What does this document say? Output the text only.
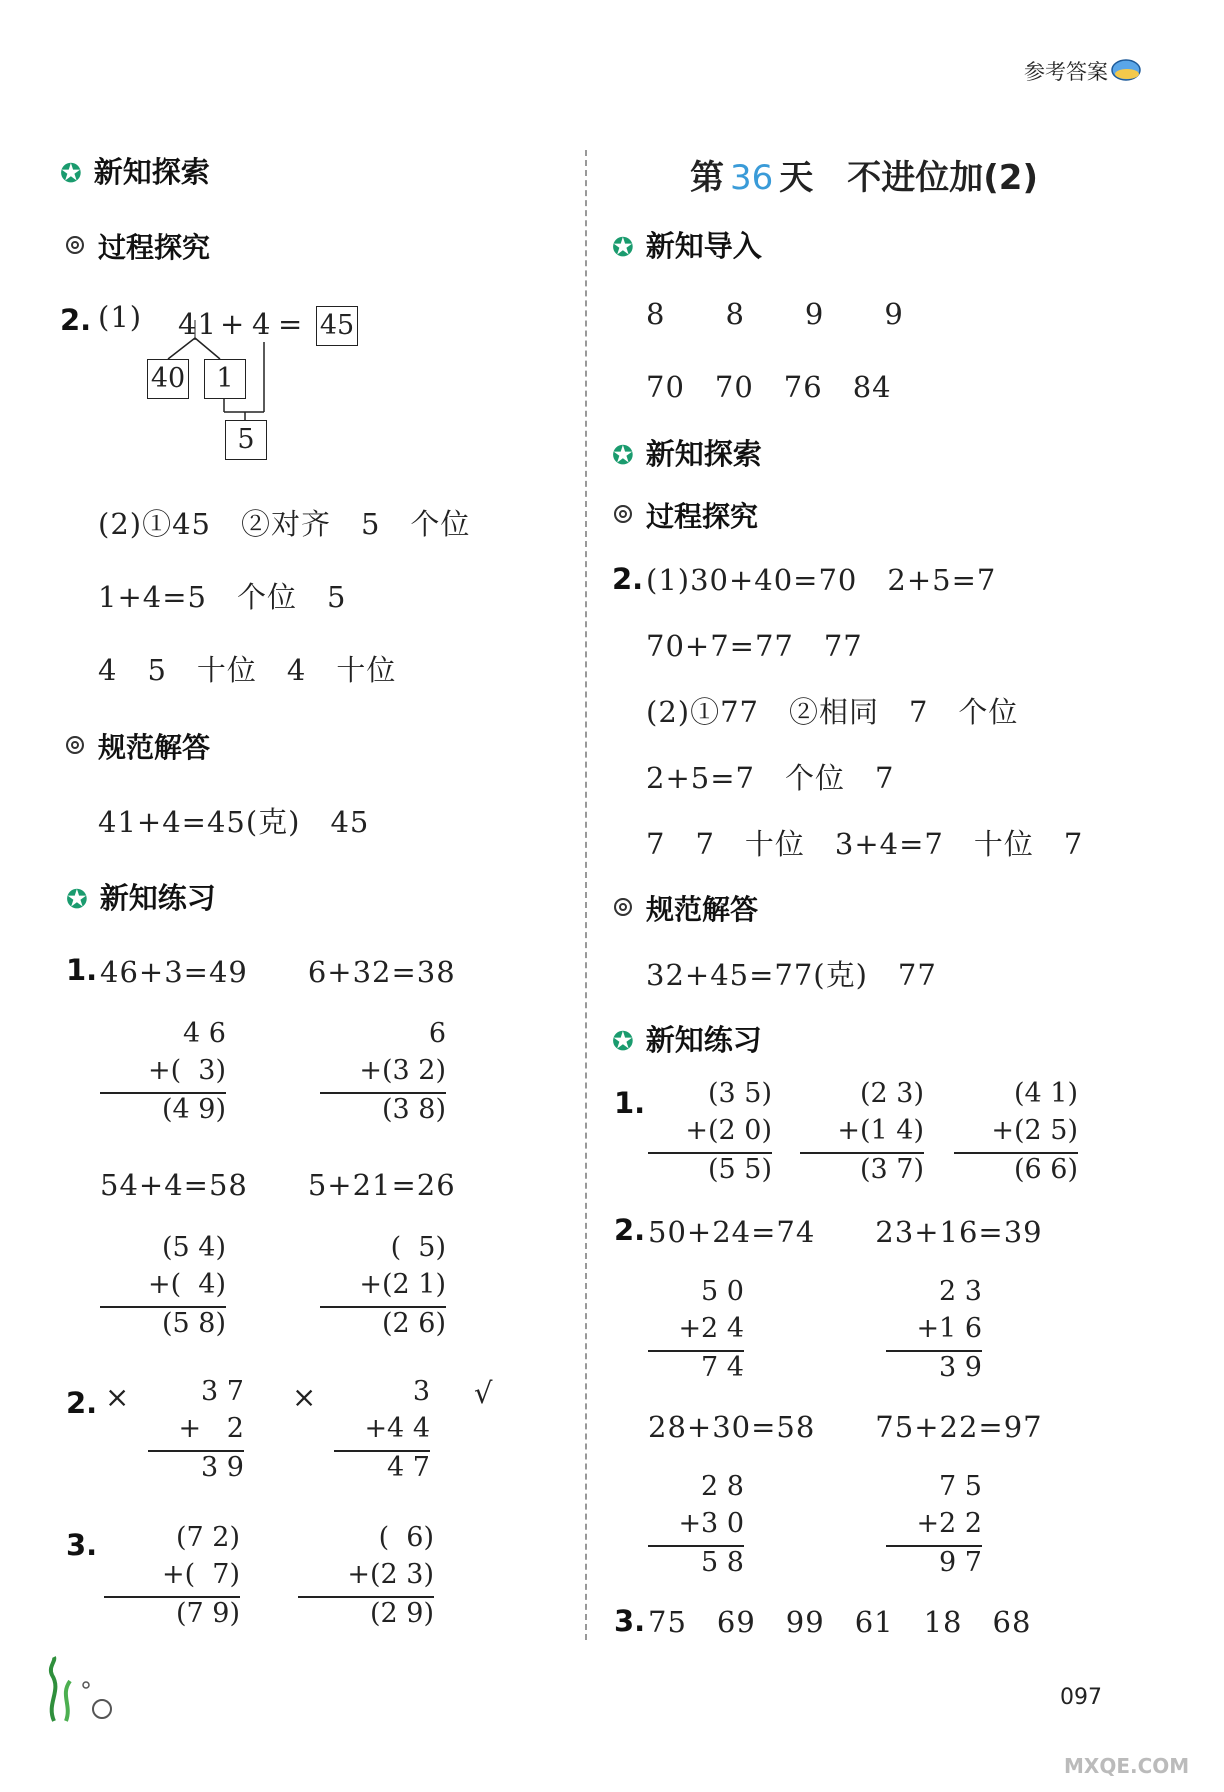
参考答案
✪ 新知探索
过程探究
2. (1) 41 + 4 = 45
40	1
5
(2)①45　②对齐　5　个位
1+4=5　个位　5
4　5　十位　4　十位
规范解答
41+4=45(克)　45
✪ 新知练习
1. 46+3=49　　6+32=38
4 6
+(  3)
(4 9)
6
+(3 2)
(3 8)
54+4=58　　5+21=26
(5 4)
+(  4)
(5 8)
(  5)
+(2 1)
(2 6)
2. ×	3 7
+   2
3 9
×	3
+4 4
4 7
√
3.	(7 2)
+(  7)
(7 9)
(  6)
+(2 3)
(2 9)
第 36 天 不进位加(2)
✪ 新知导入
8　　8　　9　　9
70　70　76　84
✪ 新知探索
过程探究
2. (1)30+40=70　2+5=7
70+7=77　77
(2)①77　②相同　7　个位
2+5=7　个位　7
7　7　十位　3+4=7　十位　7
规范解答
32+45=77(克)　77
✪ 新知练习
1.	(3 5)
+(2 0)
(5 5)
(2 3)
+(1 4)
(3 7)
(4 1)
+(2 5)
(6 6)
2. 50+24=74　　23+16=39
5 0
+2 4
7 4
2 3
+1 6
3 9
28+30=58　　75+22=97
2 8
+3 0
5 8
7 5
+2 2
9 7
3. 75　69　99　61　18　68
097
MXQE.COM
